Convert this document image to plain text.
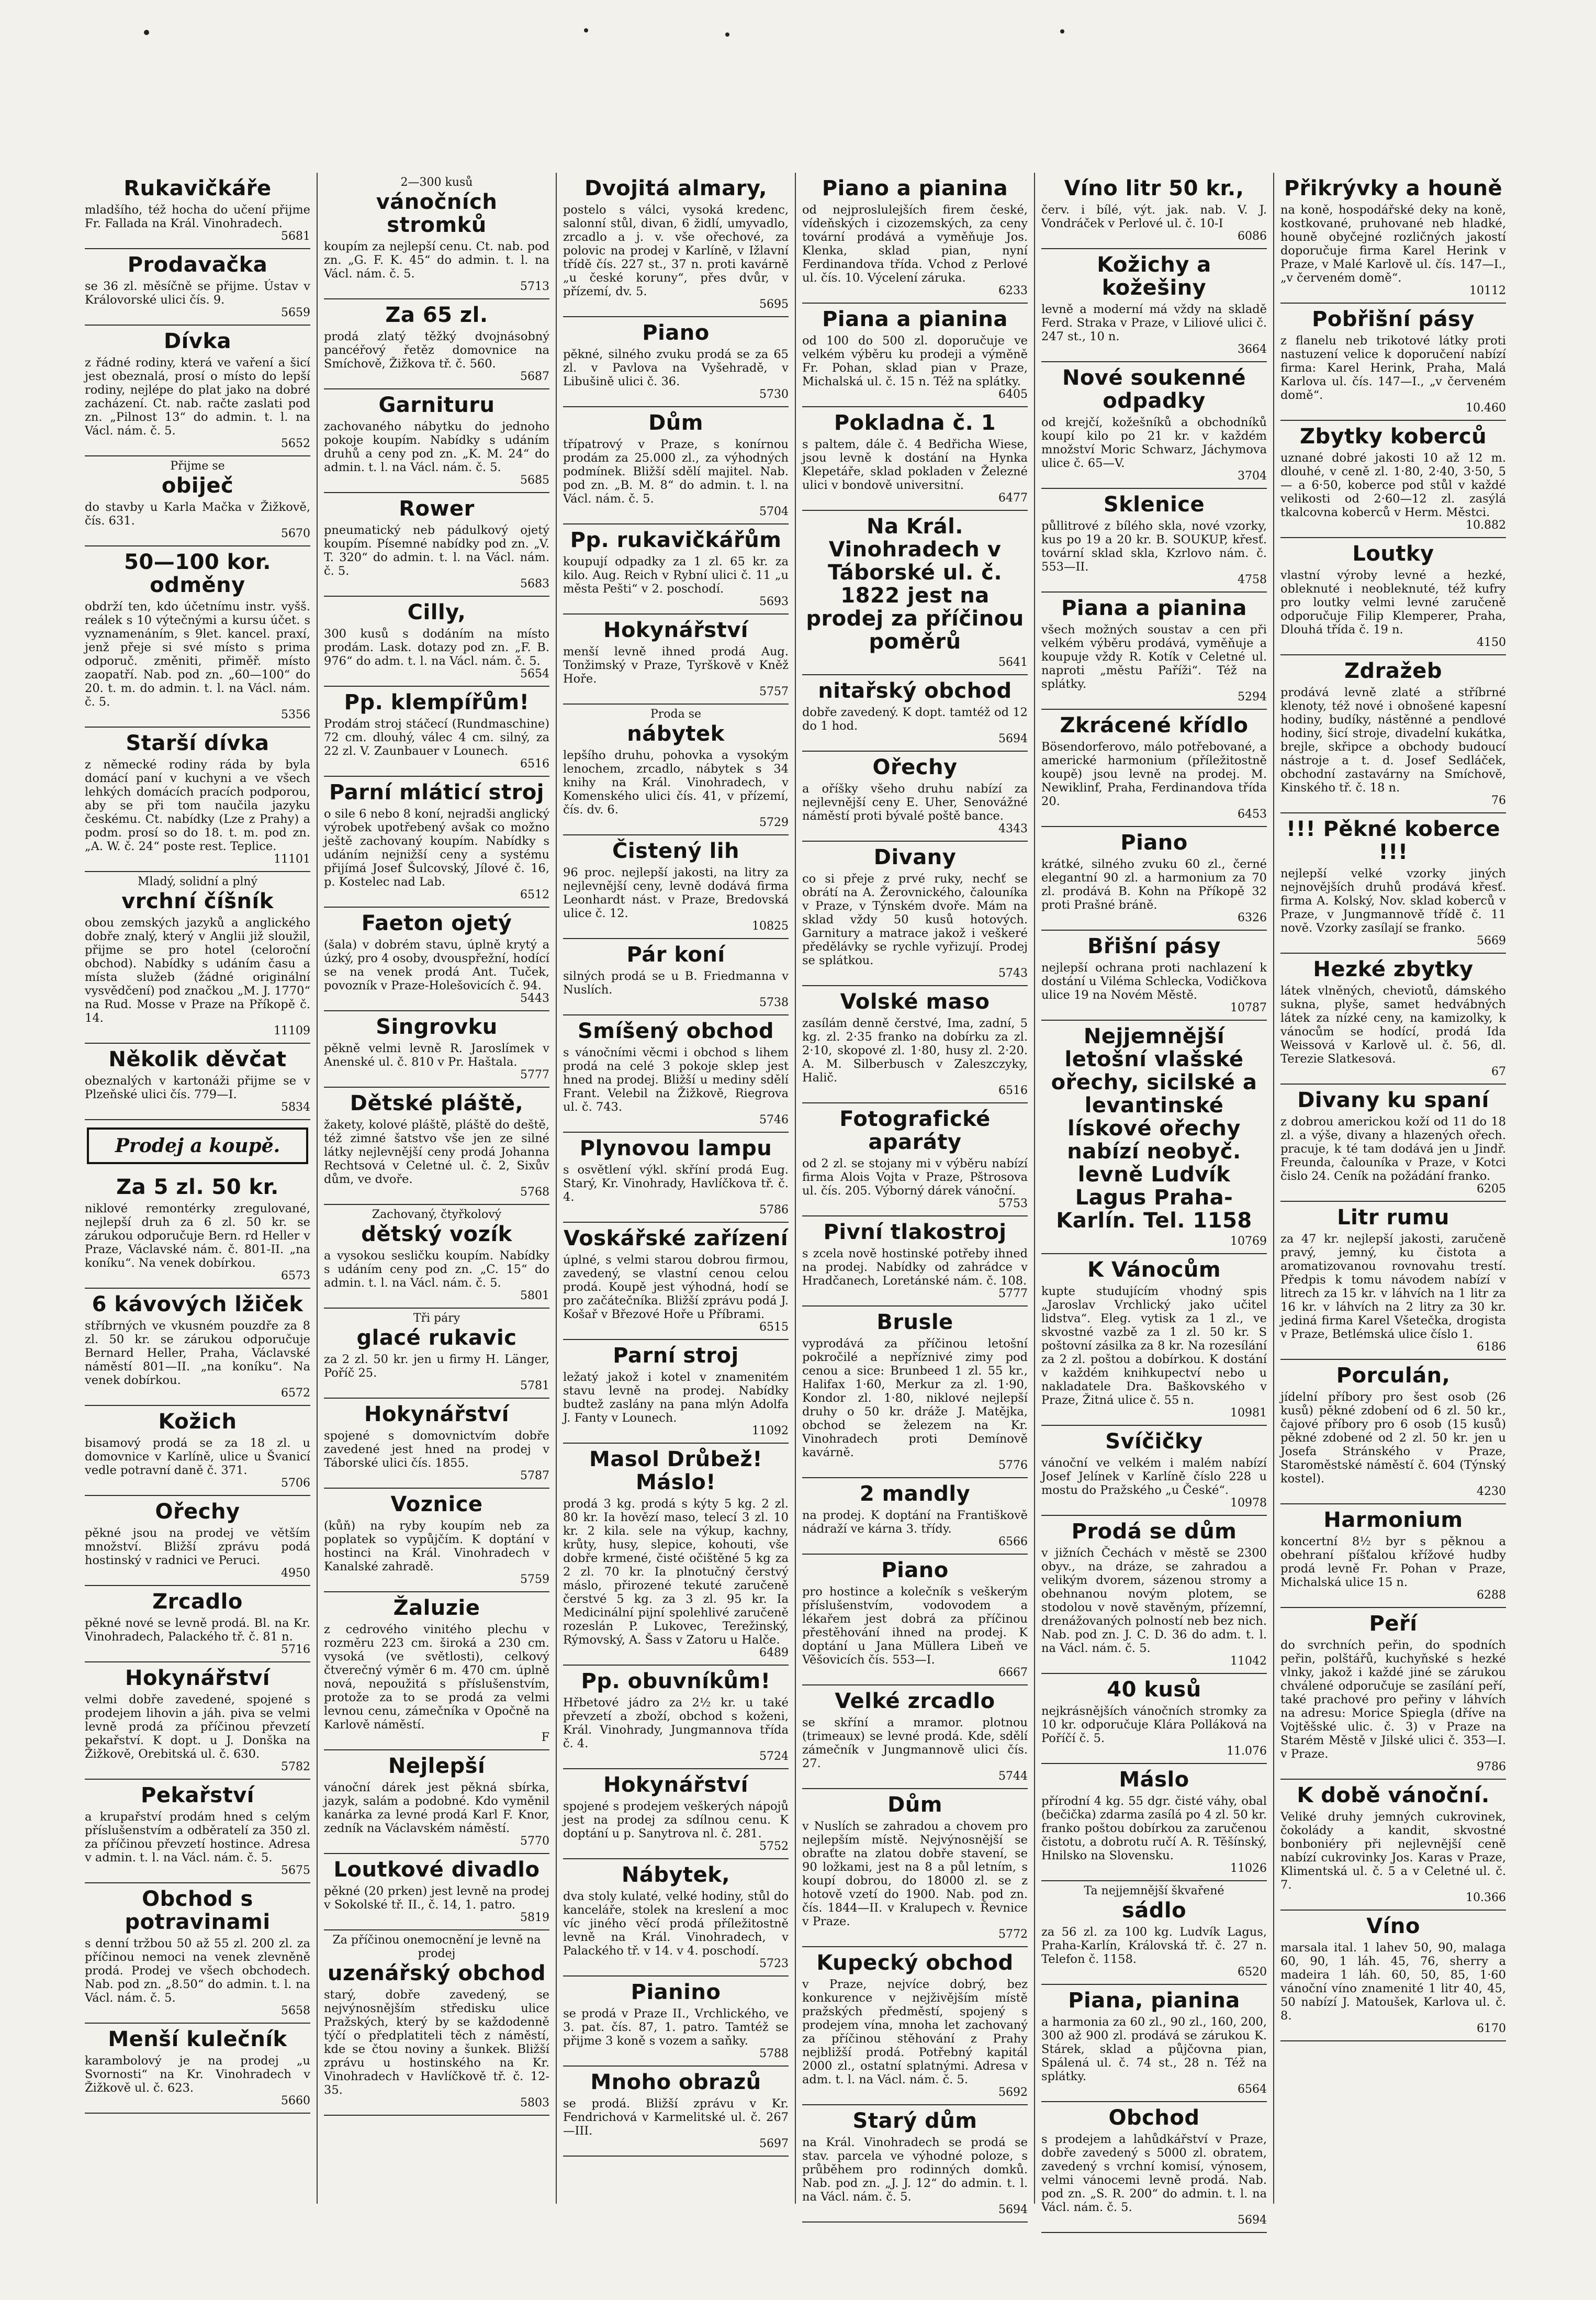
Rukavičkáře
mladšího, též hocha do učení přijme Fr. Fallada na Král. Vinohradech.
5681
Prodavačka
se 36 zl. měsíčně se přijme. Ústav v Královorské ulici čís. 9.
5659
Dívka
z řádné rodiny, která ve vaření a šicí jest obeznalá, prosí o místo do lepší rodiny, nejlépe do plat jako na dobré zacházení. Ct. nab. račte zaslati pod zn. „Pilnost 13“ do admin. t. l. na Václ. nám. č. 5.
5652
Přijme se
obiječ
do stavby u Karla Mačka v Žižkově, čís. 631.
5670
50—100 kor. odměny
obdrží ten, kdo účetnímu instr. vyšš. reálek s 10 výtečnými a kursu účet. s vyznamenáním, s 9let. kancel. praxí, jenž přeje si své místo s prima odporuč. změniti, přiměř. místo zaopatří. Nab. pod zn. „60—100“ do 20. t. m. do admin. t. l. na Václ. nám. č. 5.
5356
Starší dívka
z německé rodiny ráda by byla domácí paní v kuchyni a ve všech lehkých domácích pracích podporou, aby se při tom naučila jazyku českému. Ct. nabídky (Lze z Prahy) a podm. prosí so do 18. t. m. pod zn. „A. W. č. 24“ poste rest. Teplice.
11101
Mladý, solidní a plný
vrchní číšník
obou zemských jazyků a anglického dobře znalý, který v Anglii již sloužil, přijme se pro hotel (celoroční obchod). Nabídky s udáním času a místa služeb (žádné originální vysvědčení) pod značkou „M. J. 1770“ na Rud. Mosse v Praze na Příkopě č. 14.
11109
Několik děvčat
obeznalých v kartonáži přijme se v Plzeňské ulici čís. 779—I.
5834
Prodej a koupě.
Za 5 zl. 50 kr.
niklové remontérky zregulované, nejlepší druh za 6 zl. 50 kr. se zárukou odporučuje Bern. rd Heller v Praze, Václavské nám. č. 801-II. „na koníku“. Na venek dobírkou.
6573
6 kávových lžiček
stříbrných ve vkusném pouzdře za 8 zl. 50 kr. se zárukou odporučuje Bernard Heller, Praha, Václavské náměstí 801—II. „na koníku“. Na venek dobírkou.
6572
Kožich
bisamový prodá se za 18 zl. u domovnice v Karlíně, ulice u Švanicí vedle potravní daně č. 371.
5706
Ořechy
pěkné jsou na prodej ve větším množství. Bližší zprávu podá hostinský v radnici ve Peruci.
4950
Zrcadlo
pěkné nové se levně prodá. Bl. na Kr. Vinohradech, Palackého tř. č. 81 n.
5716
Hokynářství
velmi dobře zavedené, spojené s prodejem lihovin a jáh. piva se velmi levně prodá za příčinou převzetí pekařství. K dopt. u J. Donška na Žižkově, Orebitská ul. č. 630.
5782
Pekařství
a krupařství prodám hned s celým příslušenstvím a odběratelí za 350 zl. za příčinou převzetí hostince. Adresa v admin. t. l. na Václ. nám. č. 5.
5675
Obchod s potravinami
s denní tržbou 50 až 55 zl. 200 zl. za příčinou nemoci na venek zlevněně prodá. Prodej ve všech obchodech. Nab. pod zn. „8.50“ do admin. t. l. na Václ. nám. č. 5.
5658
Menší kulečník
karambolový je na prodej „u Svornosti“ na Kr. Vinohradech v Žižkově ul. č. 623.
5660
2—300 kusů
vánočních stromků
koupím za nejlepší cenu. Ct. nab. pod zn. „G. F. K. 45“ do admin. t. l. na Václ. nám. č. 5.
5713
Za 65 zl.
prodá zlatý těžký dvojnásobný pancéřový řetěz domovnice na Smíchově, Žižkova tř. č. 560.
5687
Garnituru
zachovaného nábytku do jednoho pokoje koupím. Nabídky s udáním druhů a ceny pod zn. „K. M. 24“ do admin. t. l. na Václ. nám. č. 5.
5685
Rower
pneumatický neb pádulkový ojetý koupím. Písemné nabídky pod zn. „V. T. 320“ do admin. t. l. na Václ. nám. č. 5.
5683
Cilly,
300 kusů s dodáním na místo prodám. Lask. dotazy pod zn. „F. B. 976“ do adm. t. l. na Václ. nám. č. 5.
5654
Pp. klempířům!
Prodám stroj stáčecí (Rundmaschine) 72 cm. dlouhý, válec 4 cm. silný, za 22 zl. V. Zaunbauer v Lounech.
6516
Parní mláticí stroj
o sile 6 nebo 8 koní, nejradši anglický výrobek upotřebený avšak co možno ještě zachovaný koupím. Nabídky s udáním nejnižší ceny a systému přijímá Josef Šulcovský, Jílové č. 16, p. Kostelec nad Lab.
6512
Faeton ojetý
(šala) v dobrém stavu, úplně krytý a úzký, pro 4 osoby, dvouspřežní, hodící se na venek prodá Ant. Tuček, povozník v Praze-Holešovicích č. 94.
5443
Singrovku
pěkně velmi levně R. Jaroslímek v Anenské ul. č. 810 v Pr. Haštala.
5777
Dětské pláště,
žakety, kolové pláště, pláště do deště, též zimné šatstvo vše jen ze silné látky nejlevnější ceny prodá Johanna Rechtsová v Celetné ul. č. 2, Sixův dům, ve dvoře.
5768
Zachovaný, čtyřkolový
dětský vozík
a vysokou sesličku koupím. Nabídky s udáním ceny pod zn. „C. 15“ do admin. t. l. na Václ. nám. č. 5.
5801
Tři páry
glacé rukavic
za 2 zl. 50 kr. jen u firmy H. Länger, Poříč 25.
5781
Hokynářství
spojené s domovnictvím dobře zavedené jest hned na prodej v Táborské ulici čís. 1855.
5787
Voznice
(kůň) na ryby koupím neb za poplatek so vypůjčím. K doptání v hostinci na Král. Vinohradech v Kanalské zahradě.
5759
Žaluzie
z cedrového vinitého plechu v rozměru 223 cm. široká a 230 cm. vysoká (ve světlosti), celkový čtverečný výměr 6 m. 470 cm. úplně nová, nepoužitá s příslušenstvím, protože za to se prodá za velmi levnou cenu, zámečníka v Opočně na Karlově náměstí.
F
Nejlepší
vánoční dárek jest pěkná sbírka, jazyk, salám a podobné. Kdo vyměnil kanárka za levné prodá Karl F. Knor, zedník na Václavském náměstí.
5770
Loutkové divadlo
pěkné (20 prken) jest levně na prodej v Sokolské tř. II., č. 14, 1. patro.
5819
Za příčinou onemocnění je levně na prodej
uzenářský obchod
starý, dobře zavedený, se nejvýnosnějším středisku ulice Pražských, který by se každodenně týčí o předplatiteli těch z náměstí, kde se čtou noviny a šunkek. Bližší zprávu u hostinského na Kr. Vinohradech v Havlíčkově tř. č. 12-35.
5803
Dvojitá almary,
postelo s válci, vysoká kredenc, salonní stůl, divan, 6 židlí, umyvadlo, zrcadlo a j. v. vše ořechové, za polovic na prodej v Karlíně, v Ižlavní třídě čís. 227 st., 37 n. proti kavárně „u české koruny“, přes dvůr, v přízemí, dv. 5.
5695
Piano
pěkné, silného zvuku prodá se za 65 zl. v Pavlova na Vyšehradě, v Libušině ulici č. 36.
5730
Dům
třípatrový v Praze, s konírnou prodám za 25.000 zl., za výhodných podmínek. Bližší sdělí majitel. Nab. pod zn. „B. M. 8“ do admin. t. l. na Václ. nám. č. 5.
5704
Pp. rukavičkářům
koupují odpadky za 1 zl. 65 kr. za kilo. Aug. Reich v Rybní ulici č. 11 „u města Pešti“ v 2. poschodí.
5693
Hokynářství
menší levně ihned prodá Aug. Tonžimský v Praze, Tyrškově v Kněž Hoře.
5757
Proda se
nábytek
lepšího druhu, pohovka a vysokým lenochem, zrcadlo, nábytek s 34 knihy na Král. Vinohradech, v Komenského ulici čís. 41, v přízemí, čís. dv. 6.
5729
Čistený lih
96 proc. nejlepší jakosti, na litry za nejlevnější ceny, levně dodává firma Leonhardt nást. v Praze, Bredovská ulice č. 12.
10825
Pár koní
silných prodá se u B. Friedmanna v Nuslích.
5738
Smíšený obchod
s vánočními věcmi i obchod s lihem prodá na celé 3 pokoje sklep jest hned na prodej. Bližší u mediny sdělí Frant. Velebil na Žižkově, Riegrova ul. č. 743.
5746
Plynovou lampu
s osvětlení výkl. skříní prodá Eug. Starý, Kr. Vinohrady, Havlíčkova tř. č. 4.
5786
Voskářské zařízení
úplné, s velmi starou dobrou firmou, zavedený, se vlastní cenou celou prodá. Koupě jest výhodná, hodí se pro začátečníka. Bližší zprávu podá J. Košař v Březové Hoře u Příbrami.
6515
Parní stroj
ležatý jakož i kotel v znamenitém stavu levně na prodej. Nabídky budtež zaslány na pana mlýn Adolfa J. Fanty v Lounech.
11092
Masol Drůbež! Máslo!
prodá 3 kg. prodá s kýty 5 kg. 2 zl. 80 kr. Ia hovězí maso, telecí 3 zl. 10 kr. 2 kila. sele na výkup, kachny, krůty, husy, slepice, kohouti, vše dobře krmené, čisté očištěné 5 kg za 2 zl. 70 kr. Ia plnotučný čerstvý máslo, přirozené tekuté zaručeně čerstvé 5 kg. za 3 zl. 95 kr. Ia Medicinální pijní spolehlivé zaručeně rozeslán P. Lukovec, Terežinský, Rýmovský, A. Šass v Zatoru u Halče.
6489
Pp. obuvníkům!
Hřbetové jádro za 2½ kr. u také převzetí a zboží, obchod s koženi, Král. Vinohrady, Jungmannova třída č. 4.
5724
Hokynářství
spojené s prodejem veškerých nápojů jest na prodej za sdílnou cenu. K doptání u p. Sanytrova nl. č. 281.
5752
Nábytek,
dva stoly kulaté, velké hodiny, stůl do kanceláře, stolek na kreslení a moc víc jiného věcí prodá příležitostně levně na Král. Vinohradech, v Palackého tř. v 14. v 4. poschodí.
5723
Pianino
se prodá v Praze II., Vrchlického, ve 3. pat. čís. 87, 1. patro. Tamtéž se přijme 3 koně s vozem a saňky.
5788
Mnoho obrazů
se prodá. Bližší zprávu v Kr. Fendrichová v Karmelitské ul. č. 267—III.
5697
Piano a pianina
od nejproslulejších firem české, vídeňských i cizozemských, za ceny tovární prodává a vyměňuje Jos. Klenka, sklad pian, nyní Ferdinandova třída. Vchod z Perlové ul. čís. 10. Výcelení záruka.
6233
Piana a pianina
od 100 do 500 zl. doporučuje ve velkém výběru ku prodeji a výměně Fr. Pohan, sklad pian v Praze, Michalská ul. č. 15 n. Též na splátky.
6405
Pokladna č. 1
s paltem, dále č. 4 Bedřicha Wiese, jsou levně k dostání na Hynka Klepetáře, sklad pokladen v Železné ulici v bondově universitní.
6477
Na Král. Vinohradech v Táborské ul. č. 1822 jest na prodej za příčinou poměrů
5641
nitařský obchod
dobře zavedený. K dopt. tamtéž od 12 do 1 hod.
5694
Ořechy
a oříšky všeho druhu nabízí za nejlevnější ceny E. Uher, Senovážné náměstí proti bývalé poště bance.
4343
Divany
co si přeje z prvé ruky, nechť se obrátí na A. Žerovnického, čalouníka v Praze, v Týnském dvoře. Mám na sklad vždy 50 kusů hotových. Garnitury a matrace jakož i veškeré předělávky se rychle vyřizují. Prodej se splátkou.
5743
Volské maso
zasílám denně čerstvé, Ima, zadní, 5 kg. zl. 2·35 franko na dobírku za zl. 2·10, skopové zl. 1·80, husy zl. 2·20. A. M. Silberbusch v Zaleszczyky, Halič.
6516
Fotografické aparáty
od 2 zl. se stojany mi v výběru nabízí firma Alois Vojta v Praze, Pštrosova ul. čís. 205. Výborný dárek vánoční.
5753
Pivní tlakostroj
s zcela nově hostinské potřeby ihned na prodej. Nabídky od zahrádce v Hradčanech, Loretánské nám. č. 108.
5777
Brusle
vyprodává za příčinou letošní pokročilé a nepříznivé zimy pod cenou a sice: Brunbeed 1 zl. 55 kr., Halifax 1·60, Merkur za zl. 1·90, Kondor zl. 1·80, niklové nejlepší druhy o 50 kr. dráže J. Matějka, obchod se železem na Kr. Vinohradech proti Demínově kavárně.
5776
2 mandly
na prodej. K doptání na Františkově nádraží ve kárna 3. třídy.
6566
Piano
pro hostince a kolečník s veškerým příslušenstvím, vodovodem a lékařem jest dobrá za příčinou přestěhování ihned na prodej. K doptání u Jana Müllera Libeň ve Věšovicích čís. 553—I.
6667
Velké zrcadlo
se skříní a mramor. plotnou (trimeaux) se levné prodá. Kde, sdělí zámečník v Jungmannově ulici čís. 27.
5744
Dům
v Nuslích se zahradou a chovem pro nejlepším místě. Nejvýnosnější se obraťte na zlatou dobře stavení, se 90 ložkami, jest na 8 a půl letním, s koupí dobrou, do 18000 zl. se z hotově vzetí do 1900. Nab. pod zn. čís. 1844—II. v Kralupech v. Řevnice v Praze.
5772
Kupecký obchod
v Praze, nejvíce dobrý, bez konkurence v nejživějším místě pražských předměstí, spojený s prodejem vína, mnoha let zachovaný za příčinou stěhování z Prahy nejbližší prodá. Potřebný kapitál 2000 zl., ostatní splatnými. Adresa v adm. t. l. na Václ. nám. č. 5.
5692
Starý dům
na Král. Vinohradech se prodá se stav. parcela ve výhodné poloze, s průběhem pro rodinných domků. Nab. pod zn. „J. J. 12“ do admin. t. l. na Václ. nám. č. 5.
5694
Víno litr 50 kr.,
červ. i bílé, výt. jak. nab. V. J. Vondráček v Perlové ul. č. 10-I
6086
Kožichy a kožešiny
levně a moderní má vždy na skladě Ferd. Straka v Praze, v Liliové ulici č. 247 st., 10 n.
3664
Nové soukenné odpadky
od krejčí, kožešníků a obchodníků koupí kilo po 21 kr. v každém množství Moric Schwarz, Jáchymova ulice č. 65—V.
3704
Sklenice
půllitrové z bílého skla, nové vzorky, kus po 19 a 20 kr. B. SOUKUP, křesť. tovární sklad skla, Kzrlovo nám. č. 553—II.
4758
Piana a pianina
všech možných soustav a cen při velkém výběru prodává, vyměňuje a koupuje vždy R. Kotík v Celetné ul. naproti „městu Paříži“. Též na splátky.
5294
Zkrácené křídlo
Bösendorferovo, málo potřebované, a americké harmonium (příležitostně koupě) jsou levně na prodej. M. Newiklinf, Praha, Ferdinandova třída 20.
6453
Piano
krátké, silného zvuku 60 zl., černé elegantní 90 zl. a harmonium za 70 zl. prodává B. Kohn na Příkopě 32 proti Prašné bráně.
6326
Břišní pásy
nejlepší ochrana proti nachlazení k dostání u Viléma Schlecka, Vodičkova ulice 19 na Novém Městě.
10787
Nejjemnější letošní vlašské ořechy, sicilské a levantinské lískové ořechy nabízí neobyč. levně Ludvík Lagus Praha-Karlín. Tel. 1158
10769
K Vánocům
kupte studujícím vhodný spis „Jaroslav Vrchlický jako učitel lidstva“. Eleg. vytisk za 1 zl., ve skvostné vazbě za 1 zl. 50 kr. S poštovní zásilka za 8 kr. Na rozesílání za 2 zl. poštou a dobírkou. K dostání v každém knihkupectví nebo u nakladatele Dra. Baškovského v Praze, Žitná ulice č. 55 n.
10981
Svíčičky
vánoční ve velkém i malém nabízí Josef Jelínek v Karlíně číslo 228 u mostu do Pražského „u České“.
10978
Prodá se dům
v jižních Čechách v městě se 2300 obyv., na dráze, se zahradou a velikým dvorem, sázenou stromy a obehnanou novým plotem, se stodolou v nově stavěným, přízemní, drenážovaných polností neb bez nich. Nab. pod zn. J. C. D. 36 do adm. t. l. na Václ. nám. č. 5.
11042
40 kusů
nejkrásnějších vánočních stromky za 10 kr. odporučuje Klára Polláková na Poříčí č. 5.
11.076
Máslo
přírodní 4 kg. 55 dgr. čisté váhy, obal (bečička) zdarma zasílá po 4 zl. 50 kr. franko poštou dobírkou za zaručenou čistotu, a dobrotu ručí A. R. Těšínský, Hnilsko na Slovensku.
11026
Ta nejjemnější škvařené
sádlo
za 56 zl. za 100 kg. Ludvík Lagus, Praha-Karlín, Královská tř. č. 27 n. Telefon č. 1158.
6520
Piana, pianina
a harmonia za 60 zl., 90 zl., 160, 200, 300 až 900 zl. prodává se zárukou K. Stárek, sklad a půjčovna pian, Spálená ul. č. 74 st., 28 n. Též na splátky.
6564
Obchod
s prodejem a lahůdkářství v Praze, dobře zavedený s 5000 zl. obratem, zavedený s vrchní komisí, výnosem, velmi vánocemi levně prodá. Nab. pod zn. „S. R. 200“ do admin. t. l. na Václ. nám. č. 5.
5694
Přikrývky a houně
na koně, hospodářské deky na koně, kostkované, pruhované neb hladké, houně obyčejné rozličných jakostí doporučuje firma Karel Herink v Praze, v Malé Karlově ul. čís. 147—I., „v červeném domě“.
10112
Pobřišní pásy
z flanelu neb trikotové látky proti nastuzení velice k doporučení nabízí firma: Karel Herink, Praha, Malá Karlova ul. čís. 147—I., „v červeném domě“.
10.460
Zbytky koberců
uznané dobré jakosti 10 až 12 m. dlouhé, v ceně zl. 1·80, 2·40, 3·50, 5— a 6·50, koberce pod stůl v každé velikosti od 2·60—12 zl. zasýlá tkalcovna koberců v Herm. Městci.
10.882
Loutky
vlastní výroby levné a hezké, obleknuté i neobleknuté, též kufry pro loutky velmi levné zaručeně odporučuje Filip Klemperer, Praha, Dlouhá třída č. 19 n.
4150
Zdražeb
prodává levně zlaté a stříbrné klenoty, též nové i obnošené kapesní hodiny, budíky, nástěnné a pendlové hodiny, šicí stroje, divadelní kukátka, brejle, skřipce a obchody budoucí nástroje a t. d. Josef Sedláček, obchodní zastavárny na Smíchově, Kinského tř. č. 18 n.
76
!!! Pěkné koberce !!!
nejlepší velké vzorky jiných nejnovějších druhů prodává křesť. firma A. Kolský, Nov. sklad koberců v Praze, v Jungmannově třídě č. 11 nově. Vzorky zasílají se franko.
5669
Hezké zbytky
látek vlněných, cheviotů, dámského sukna, plyše, samet hedvábných látek za nízké ceny, na kamizolky, k vánocům se hodící, prodá Ida Weissová v Karlově ul. č. 56, dl. Terezie Slatkesová.
67
Divany ku spaní
z dobrou americkou koží od 11 do 18 zl. a výše, divany a hlazených ořech. pracuje, k té tam dodává jen u Jindř. Freunda, čalouníka v Praze, v Kotci čislo 24. Ceník na požádání franko.
6205
Litr rumu
za 47 kr. nejlepší jakosti, zaručeně pravý, jemný, ku čistota a aromatizovanou rovnovahu trestí. Předpis k tomu návodem nabízí v litrech za 15 kr. v láhvích na 1 litr za 16 kr. v láhvích na 2 litry za 30 kr. jediná firma Karel Všetečka, drogista v Praze, Betlémská ulice číslo 1.
6186
Porculán,
jídelní příbory pro šest osob (26 kusů) pěkné zdobení od 6 zl. 50 kr., čajové příbory pro 6 osob (15 kusů) pěkné zdobené od 2 zl. 50 kr. jen u Josefa Stránského v Praze, Staroměstské náměstí č. 604 (Týnský kostel).
4230
Harmonium
koncertní 8½ byr s pěknou a obehraní píšťalou křížové hudby prodá levně Fr. Pohan v Praze, Michalská ulice 15 n.
6288
Peří
do svrchních peřin, do spodních peřin, polštářů, kuchyňské s hezké vlnky, jakož i každé jiné se zárukou chválené odporučuje se zasílání peří, také prachové pro peřiny v láhvích na adresu: Morice Spiegla (dříve na Vojtěšské ulic. č. 3) v Praze na Starém Městě v Jilské ulici č. 353—I. v Praze.
9786
K době vánoční.
Veliké druhy jemných cukrovinek, čokolády a kandit, skvostné bonboniéry při nejlevnější ceně nabízí cukrovinky Jos. Karas v Praze, Klimentská ul. č. 5 a v Celetné ul. č. 7.
10.366
Víno
marsala ital. 1 lahev 50, 90, malaga 60, 90, 1 láh. 45, 76, sherry a madeira 1 láh. 60, 50, 85, 1·60 vánoční víno znamenité 1 litr 40, 45, 50 nabízí J. Matoušek, Karlova ul. č. 8.
6170
